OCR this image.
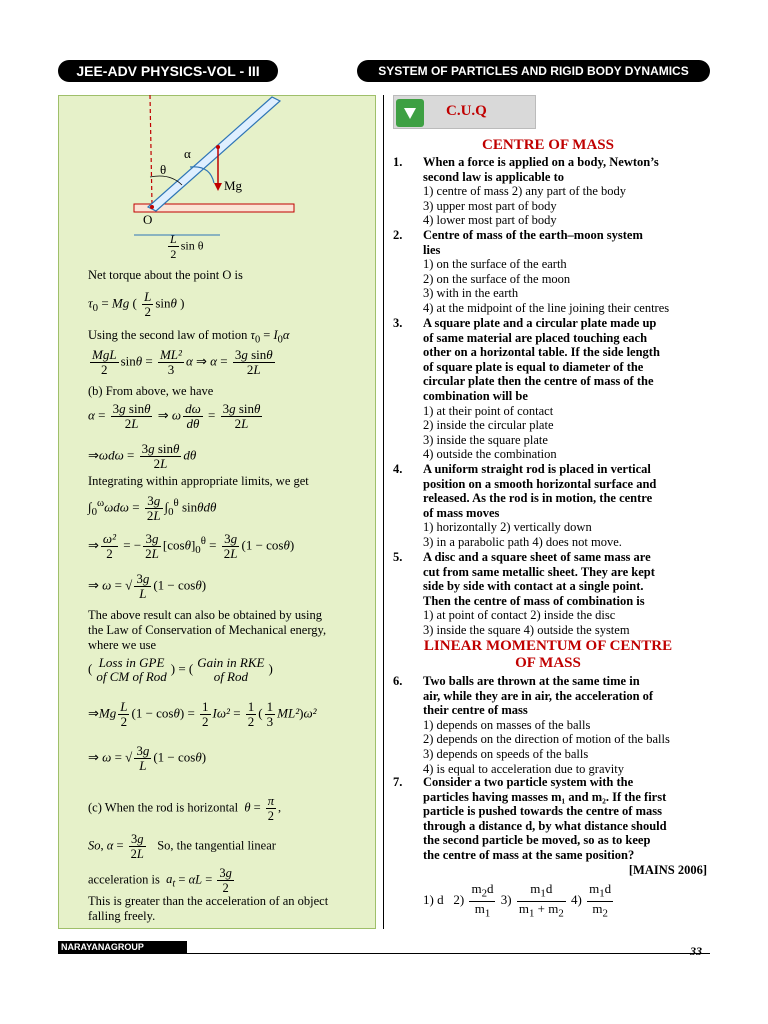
JEE-ADV PHYSICS-VOL - III	SYSTEM OF PARTICLES AND RIGID BODY DYNAMICS
α
θ
Mg
O
$\frac{L}{2}$ sin θ
Net torque about the point O is
$\tau_0 = Mg$ ( $\frac{L}{2}$ sinθ )
Using the second law of motion $\tau_0 = I_0\alpha$
$\frac{\text{MgL}}{2}$ $\sin\theta = \frac{\text{ML²}}{3}$ α ⇒ $\alpha = \frac{\text{3g sinθ}}{2L}$
(b) From above, we have
$\alpha = \frac{\text{3g sinθ}}{2L}$ ⇒ ω $\frac{d\omega}{d\theta} = \frac{\text{3g sinθ}}{2L}$
⇒ωdω = $\frac{\text{3g sinθ}}{2L}$ dθ
Integrating within appropriate limits, we get
$\int_0^\omega\omega d\omega = \frac{3g}{2L} \int_0^\theta$ sinθdθ
⇒ $\frac{\text{ω²}}{2}$ = − $\frac{3g}{2L} [\cos\theta]_0^\theta = \frac{3g}{2L} (1 - \cos\theta)$
⇒ ω = √ $\frac{3g}{L} (1 - \cos\theta)$
The above result can also be obtained by using
the Law of Conservation of Mechanical energy,
where we use
( Loss in GPE
of CM of Rod
) = ( Gain in RKE
of Rod
)
⇒Mg $\frac{L}{2} (1 - \cos\theta) = \frac{1}{2} I\omega^2 = \frac{1}{2}$ ( $\frac{1}{3} ML^2)\omega^2$
⇒ ω = √ $\frac{3g}{L} (1 - \cos\theta)$
(c) When the rod is horizontal $\theta = \frac{\pi}{2}$ ,
So, $\alpha = \frac{3g}{2L} So$, the tangential linear
acceleration is $a_t = \alpha L = \frac{3g}{2}$
This is greater than the acceleration of an object
falling freely.
C.U.Q
CENTRE OF MASS
1. When a force is applied on a body, Newton’s
second law is applicable to
1) centre of mass 2) any part of the body
3) upper most part of body
4) lower most part of body
2. Centre of mass of the earth–moon system
lies
1) on the surface of the earth
2) on the surface of the moon
3) with in the earth
4) at the midpoint of the line joining their centres
3. A square plate and a circular plate made up
of same material are placed touching each
other on a horizontal table. If the side length
of square plate is equal to diameter of the
circular plate then the centre of mass of the
combination will be
1) at their point of contact
2) inside the circular plate
3) inside the square plate
4) outside the combination
4. A uniform straight rod is placed in vertical
position on a smooth horizontal surface and
released. As the rod is in motion, the centre
of mass moves
1) horizontally 2) vertically down
3) in a parabolic path 4) does not move.
5. A disc and a square sheet of same mass are
cut from same metallic sheet. They are kept
side by side with contact at a single point.
Then the centre of mass of combination is
1) at point of contact 2) inside the disc
3) inside the square 4) outside the system
LINEAR MOMENTUM OF CENTRE
OF MASS
6. Two balls are thrown at the same time in
air, while they are in air, the acceleration of
their centre of mass
1) depends on masses of the balls
2) depends on the direction of motion of the balls
3) depends on speeds of the balls
4) is equal to acceleration due to gravity
7. Consider a two particle system with the
particles having masses m₁ and m₂. If the first
particle is pushed towards the centre of mass
through a distance d, by what distance should
the second particle be moved, so as to keep
the centre of mass at the same position?
[MAINS 2006]
1) d $2) \frac{m_2d}{m_1} 3) \frac{m_1d}{m_1 + m_2} 4) \frac{m_1d}{m_2}$
NARAYANAGROUP	33
